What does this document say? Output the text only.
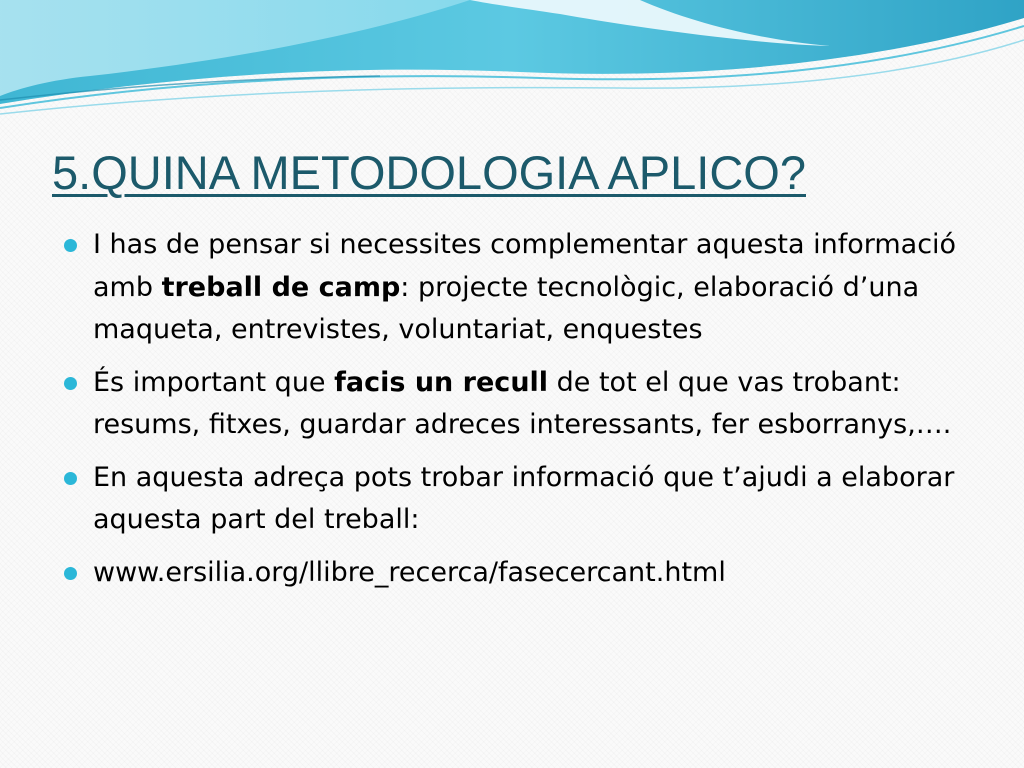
5.QUINA METODOLOGIA APLICO?
I has de pensar si necessites complementar aquesta informació amb treball de camp: projecte tecnològic, elaboració d’una maqueta, entrevistes, voluntariat, enquestes
És important que facis un recull de tot el que vas trobant: resums, fitxes, guardar adreces interessants, fer esborranys,….
En aquesta adreça pots trobar informació que t’ajudi a elaborar aquesta part del treball:
www.ersilia.org/llibre_recerca/fasecercant.html
